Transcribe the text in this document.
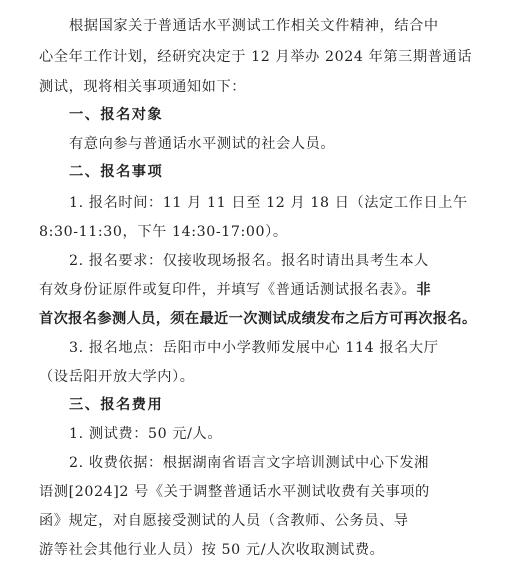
根据国家关于普通话水平测试工作相关文件精神，结合中
心全年工作计划，经研究决定于 12 月举办 2024 年第三期普通话
测试，现将相关事项通知如下：
一、报名对象
有意向参与普通话水平测试的社会人员。
二、报名事项
1. 报名时间：11 月 11 日至 12 月 18 日（法定工作日上午
8:30-11:30，下午 14:30-17:00）。
2. 报名要求：仅接收现场报名。报名时请出具考生本人
有效身份证原件或复印件，并填写《普通话测试报名表》。非
首次报名参测人员，须在最近一次测试成绩发布之后方可再次报名。
3. 报名地点：岳阳市中小学教师发展中心 114 报名大厅
（设岳阳开放大学内）。
三、报名费用
1. 测试费：50 元/人。
2. 收费依据：根据湖南省语言文字培训测试中心下发湘
语测[2024]2 号《关于调整普通话水平测试收费有关事项的
函》规定，对自愿接受测试的人员（含教师、公务员、导
游等社会其他行业人员）按 50 元/人次收取测试费。
